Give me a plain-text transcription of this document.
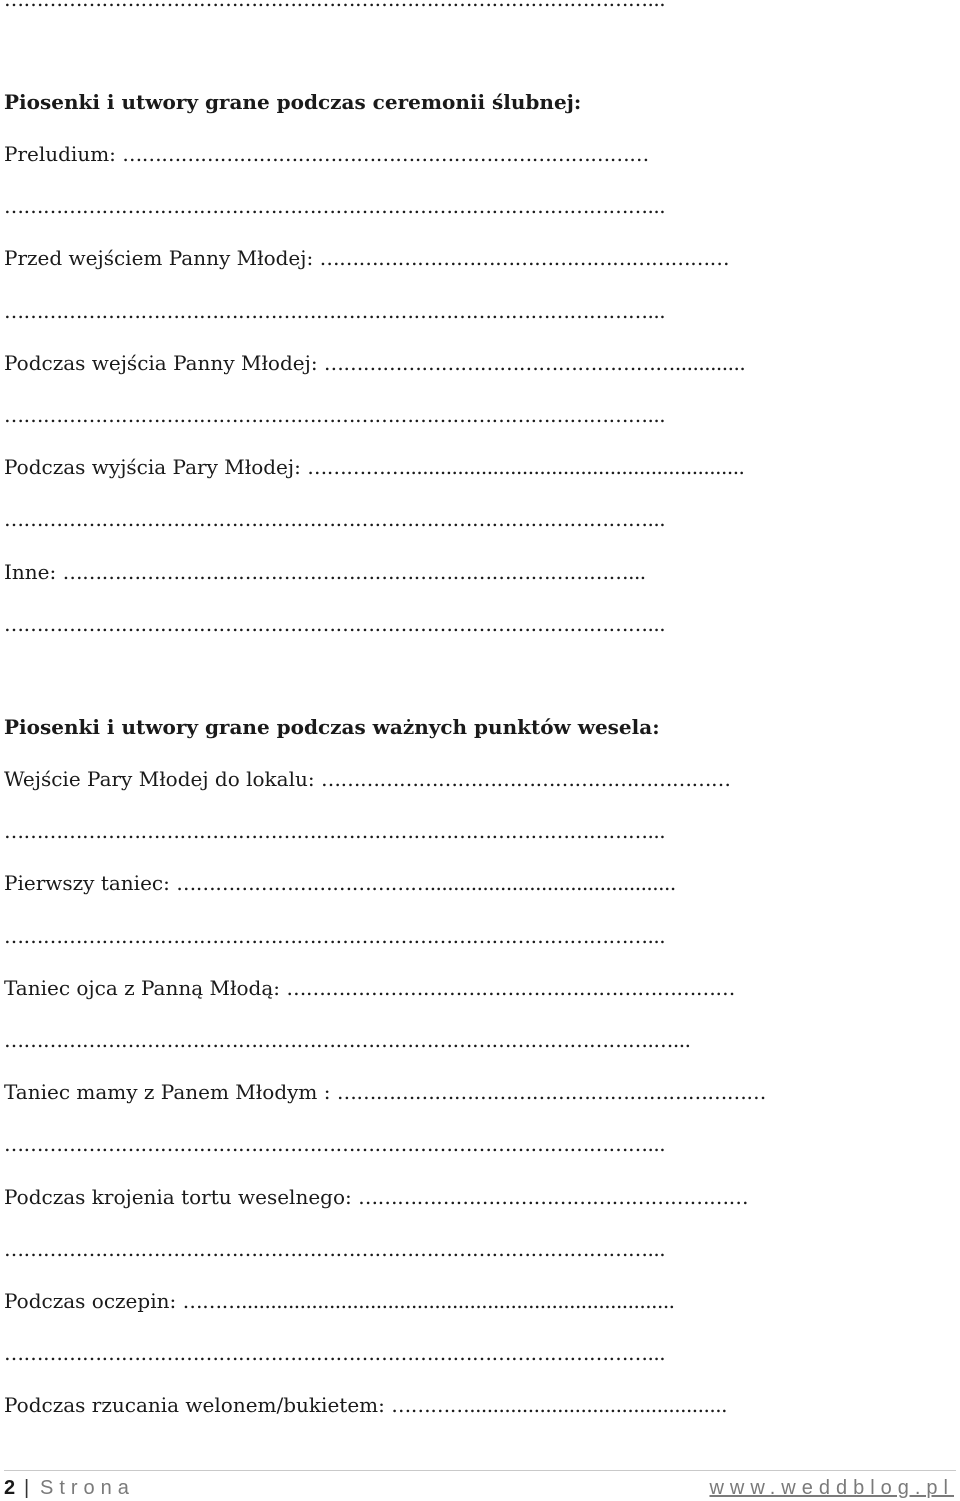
Piosenki i utwory grane podczas ceremonii ślubnej:
Preludium: ………………………………………………………………………
………………………………………………………………………………………...
Przed wejściem Panny Młodej: ………………………………………………………
………………………………………………………………………………………...
Podczas wejścia Panny Młodej: ………………………………………………............
………………………………………………………………………………………...
Podczas wyjścia Pary Młodej: ……………..........................................................
………………………………………………………………………………………...
Inne: ……………………………………………………………………………...
………………………………………………………………………………………...
Piosenki i utwory grane podczas ważnych punktów wesela:
Wejście Pary Młodej do lokalu: ………………………………………………………
………………………………………………………………………………………...
Pierwszy taniec: …………………………………..........................................
………………………………………………………………………………………...
Taniec ojca z Panną Młodą: ……………………………………………………………
……………………………………………………………………………………….…...
Taniec mamy z Panem Młodym : …………………………………………………………
………………………………………………………………………………………...
Podczas krojenia tortu weselnego: ……………………………………………………
………………………………………………………………………………………...
Podczas oczepin: ………..........................................................................
………………………………………………………………………………………...
Podczas rzucania welonem/bukietem: …………............................................
2 | Strona	www.weddblog.pl
